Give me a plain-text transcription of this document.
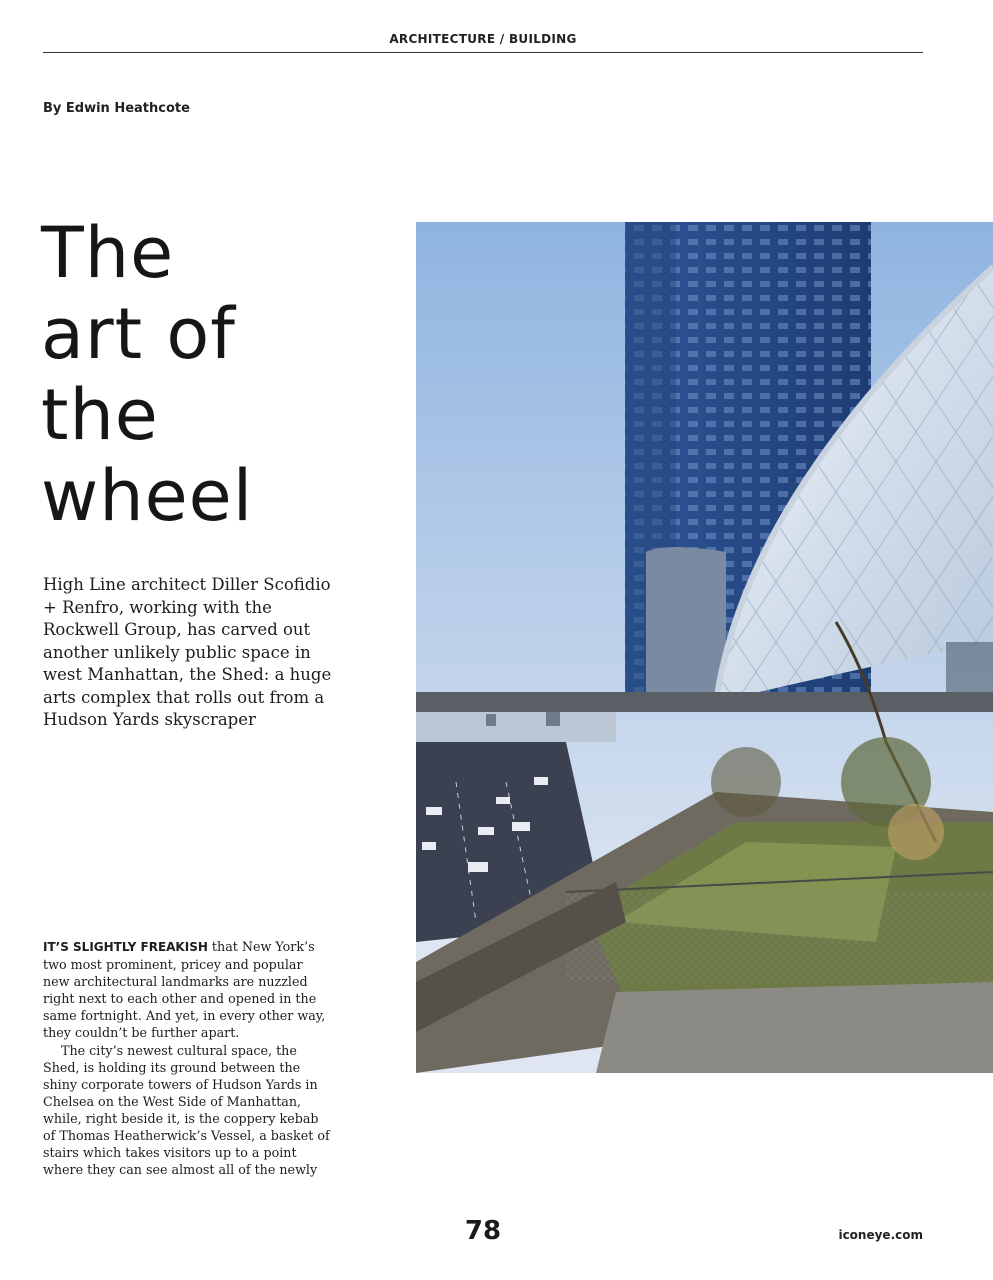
ARCHITECTURE / BUILDING
By Edwin Heathcote
The
art of
the
wheel

High Line architect Diller Scofidio + Renfro, working with the Rockwell Group, has carved out another unlikely public space in west Manhattan, the Shed: a huge arts complex that rolls out from a Hudson Yards skyscraper

IT’S SLIGHTLY FREAKISH that New York’s two most prominent, pricey and popular new architectural landmarks are nuzzled right next to each other and opened in the same fortnight. And yet, in every other way, they couldn’t be further apart.

The city’s newest cultural space, the Shed, is holding its ground between the shiny corporate towers of Hudson Yards in Chelsea on the West Side of Manhattan, while, right beside it, is the coppery kebab of Thomas Heatherwick’s Vessel, a basket of stairs which takes visitors up to a point where they can see almost all of the newly

78	iconeye.com
